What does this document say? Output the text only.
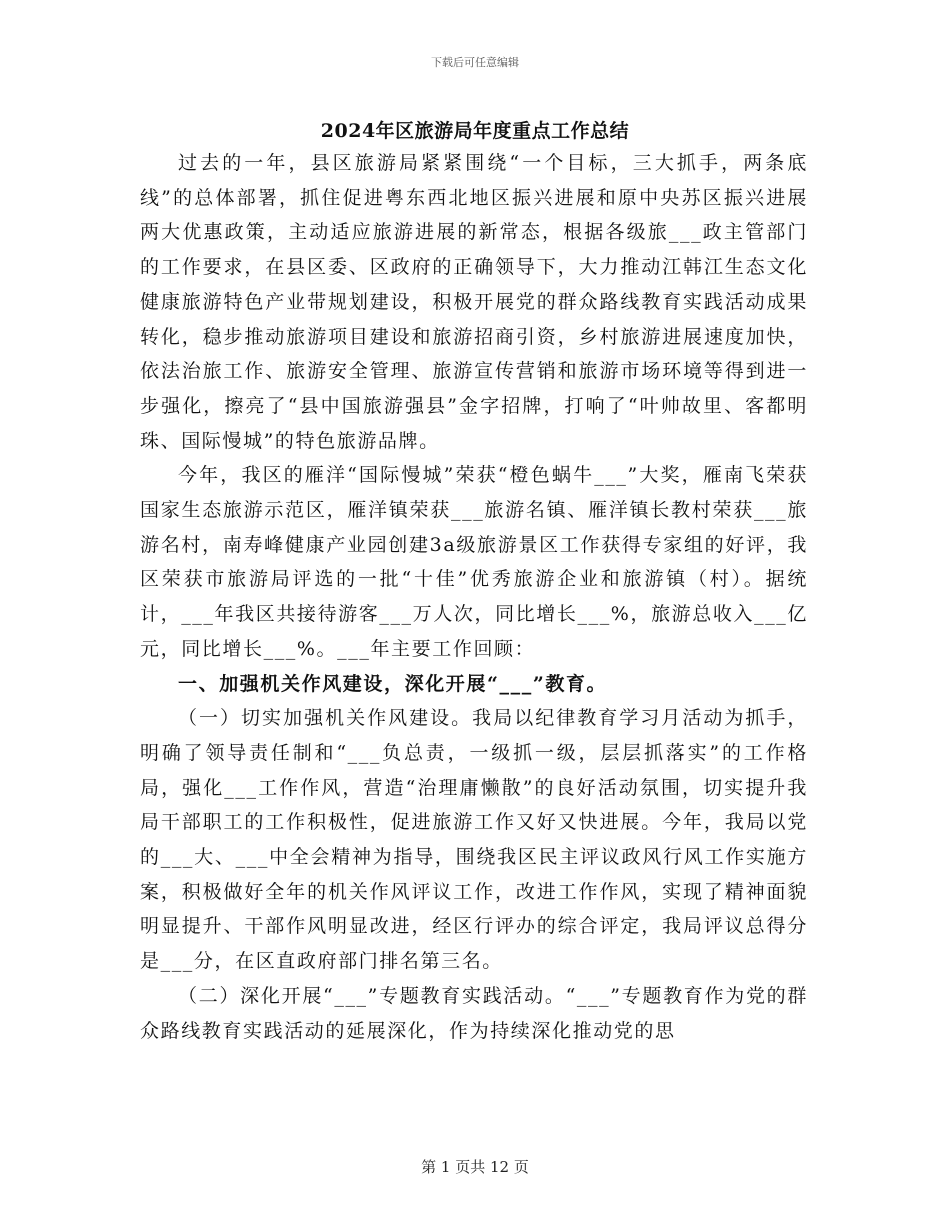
下载后可任意编辑
2024年区旅游局年度重点工作总结

过去的一年，县区旅游局紧紧围绕“一个目标，三大抓手，两条底线”的总体部署，抓住促进粤东西北地区振兴进展和原中央苏区振兴进展两大优惠政策，主动适应旅游进展的新常态，根据各级旅___政主管部门的工作要求，在县区委、区政府的正确领导下，大力推动江韩江生态文化健康旅游特色产业带规划建设，积极开展党的群众路线教育实践活动成果转化，稳步推动旅游项目建设和旅游招商引资，乡村旅游进展速度加快，依法治旅工作、旅游安全管理、旅游宣传营销和旅游市场环境等得到进一步强化，擦亮了“县中国旅游强县”金字招牌，打响了“叶帅故里、客都明珠、国际慢城”的特色旅游品牌。

今年，我区的雁洋“国际慢城”荣获“橙色蜗牛___”大奖，雁南飞荣获国家生态旅游示范区，雁洋镇荣获___旅游名镇、雁洋镇长教村荣获___旅游名村，南寿峰健康产业园创建3a级旅游景区工作获得专家组的好评，我区荣获市旅游局评选的一批“十佳”优秀旅游企业和旅游镇（村）。据统计，___年我区共接待游客___万人次，同比增长___%，旅游总收入___亿元，同比增长___%。___年主要工作回顾：

一、加强机关作风建设，深化开展“___”教育。

（一）切实加强机关作风建设。我局以纪律教育学习月活动为抓手，明确了领导责任制和“___负总责，一级抓一级，层层抓落实”的工作格局，强化___工作作风，营造“治理庸懒散”的良好活动氛围，切实提升我局干部职工的工作积极性，促进旅游工作又好又快进展。今年，我局以党的___大、___中全会精神为指导，围绕我区民主评议政风行风工作实施方案，积极做好全年的机关作风评议工作，改进工作作风，实现了精神面貌明显提升、干部作风明显改进，经区行评办的综合评定，我局评议总得分是___分，在区直政府部门排名第三名。

（二）深化开展“___”专题教育实践活动。“___”专题教育作为党的群众路线教育实践活动的延展深化，作为持续深化推动党的思

第 1 页共 12 页
